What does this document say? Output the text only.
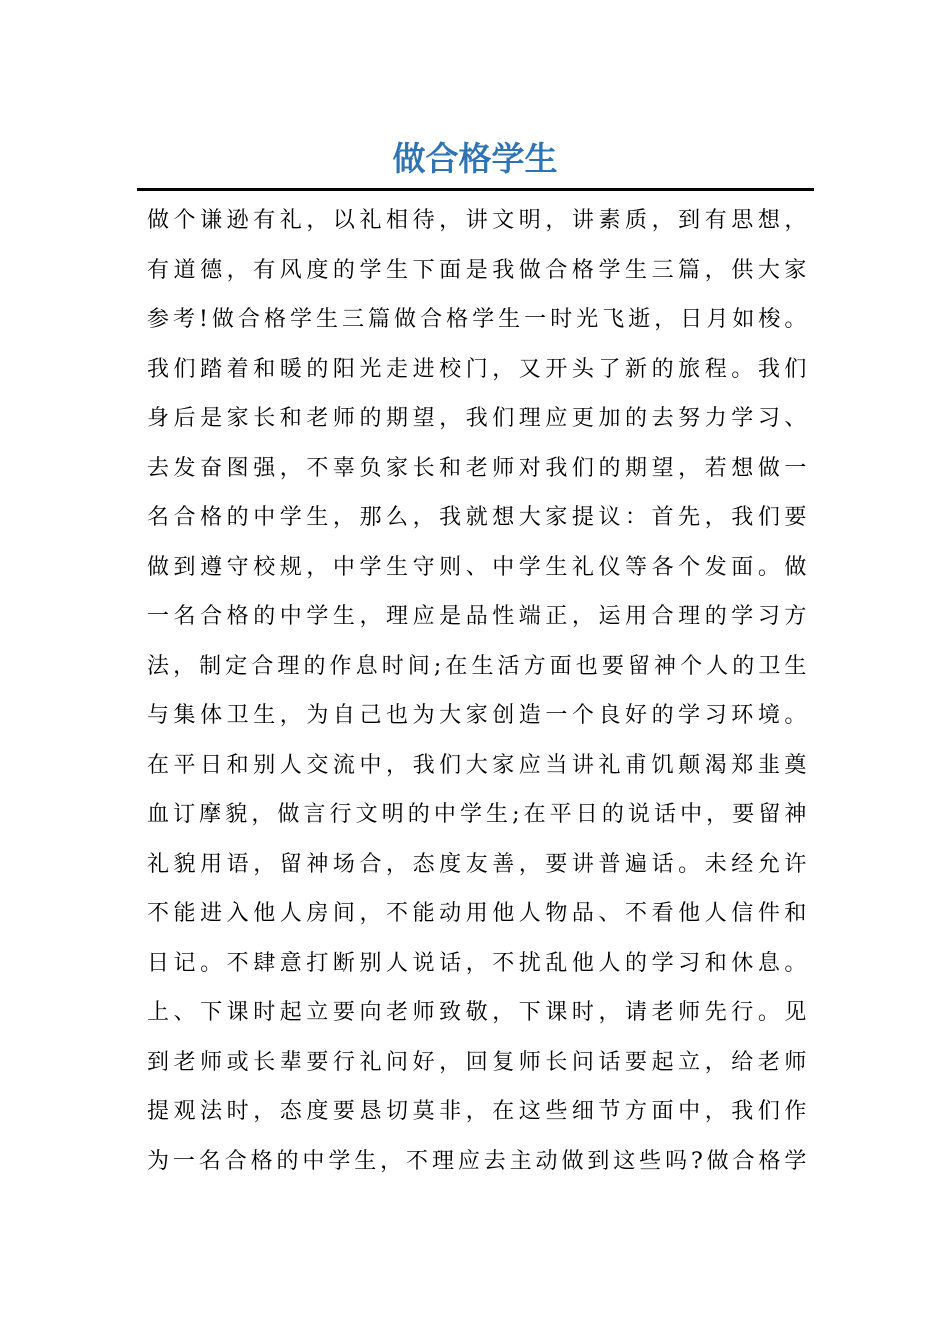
做合格学生
做个谦逊有礼，以礼相待，讲文明，讲素质，到有思想，
有道德，有风度的学生下面是我做合格学生三篇，供大家
参考!做合格学生三篇做合格学生一时光飞逝，日月如梭。
我们踏着和暖的阳光走进校门，又开头了新的旅程。我们
身后是家长和老师的期望，我们理应更加的去努力学习、
去发奋图强，不辜负家长和老师对我们的期望，若想做一
名合格的中学生，那么，我就想大家提议：首先，我们要
做到遵守校规，中学生守则、中学生礼仪等各个发面。做
一名合格的中学生，理应是品性端正，运用合理的学习方
法，制定合理的作息时间;在生活方面也要留神个人的卫生
与集体卫生，为自己也为大家创造一个良好的学习环境。
在平日和别人交流中，我们大家应当讲礼甫饥颠渴郑韭奠
血订摩貌，做言行文明的中学生;在平日的说话中，要留神
礼貌用语，留神场合，态度友善，要讲普遍话。未经允许
不能进入他人房间，不能动用他人物品、不看他人信件和
日记。不肆意打断别人说话，不扰乱他人的学习和休息。
上、下课时起立要向老师致敬，下课时，请老师先行。见
到老师或长辈要行礼问好，回复师长问话要起立，给老师
提观法时，态度要恳切莫非，在这些细节方面中，我们作
为一名合格的中学生，不理应去主动做到这些吗?做合格学
